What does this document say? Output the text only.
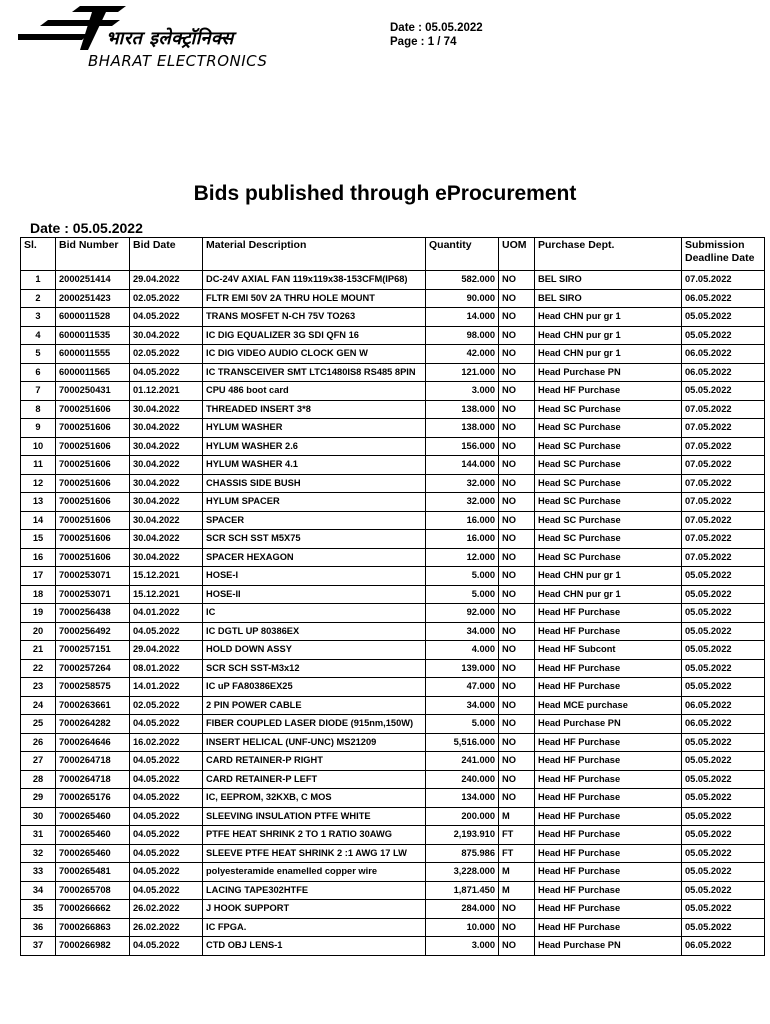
भारत इलेक्ट्रॉनिक्स
BHARAT ELECTRONICS
Date : 05.05.2022
Page : 1 / 74
Bids published through eProcurement
Date : 05.05.2022
Sl.	Bid Number	Bid Date	Material Description	Quantity	UOM	Purchase Dept.	Submission Deadline Date
1	2000251414	29.04.2022	DC-24V AXIAL FAN 119x119x38-153CFM(IP68)	582.000	NO	BEL SIRO	07.05.2022
2	2000251423	02.05.2022	FLTR EMI 50V 2A THRU HOLE MOUNT	90.000	NO	BEL SIRO	06.05.2022
3	6000011528	04.05.2022	TRANS MOSFET N-CH 75V TO263	14.000	NO	Head CHN pur gr 1	05.05.2022
4	6000011535	30.04.2022	IC DIG EQUALIZER 3G SDI QFN 16	98.000	NO	Head CHN pur gr 1	05.05.2022
5	6000011555	02.05.2022	IC DIG VIDEO AUDIO CLOCK GEN W	42.000	NO	Head CHN pur gr 1	06.05.2022
6	6000011565	04.05.2022	IC TRANSCEIVER SMT LTC1480IS8 RS485 8PIN	121.000	NO	Head Purchase PN	06.05.2022
7	7000250431	01.12.2021	CPU 486 boot card	3.000	NO	Head HF Purchase	05.05.2022
8	7000251606	30.04.2022	THREADED INSERT 3*8	138.000	NO	Head SC Purchase	07.05.2022
9	7000251606	30.04.2022	HYLUM WASHER	138.000	NO	Head SC Purchase	07.05.2022
10	7000251606	30.04.2022	HYLUM WASHER 2.6	156.000	NO	Head SC Purchase	07.05.2022
11	7000251606	30.04.2022	HYLUM WASHER 4.1	144.000	NO	Head SC Purchase	07.05.2022
12	7000251606	30.04.2022	CHASSIS SIDE BUSH	32.000	NO	Head SC Purchase	07.05.2022
13	7000251606	30.04.2022	HYLUM SPACER	32.000	NO	Head SC Purchase	07.05.2022
14	7000251606	30.04.2022	SPACER	16.000	NO	Head SC Purchase	07.05.2022
15	7000251606	30.04.2022	SCR SCH SST M5X75	16.000	NO	Head SC Purchase	07.05.2022
16	7000251606	30.04.2022	SPACER HEXAGON	12.000	NO	Head SC Purchase	07.05.2022
17	7000253071	15.12.2021	HOSE-I	5.000	NO	Head CHN pur gr 1	05.05.2022
18	7000253071	15.12.2021	HOSE-II	5.000	NO	Head CHN pur gr 1	05.05.2022
19	7000256438	04.01.2022	IC	92.000	NO	Head HF Purchase	05.05.2022
20	7000256492	04.05.2022	IC DGTL UP 80386EX	34.000	NO	Head HF Purchase	05.05.2022
21	7000257151	29.04.2022	HOLD DOWN ASSY	4.000	NO	Head HF Subcont	05.05.2022
22	7000257264	08.01.2022	SCR SCH SST-M3x12	139.000	NO	Head HF Purchase	05.05.2022
23	7000258575	14.01.2022	IC uP FA80386EX25	47.000	NO	Head HF Purchase	05.05.2022
24	7000263661	02.05.2022	2 PIN POWER CABLE	34.000	NO	Head MCE purchase	06.05.2022
25	7000264282	04.05.2022	FIBER COUPLED LASER DIODE (915nm,150W)	5.000	NO	Head Purchase PN	06.05.2022
26	7000264646	16.02.2022	INSERT HELICAL (UNF-UNC) MS21209	5,516.000	NO	Head HF Purchase	05.05.2022
27	7000264718	04.05.2022	CARD RETAINER-P RIGHT	241.000	NO	Head HF Purchase	05.05.2022
28	7000264718	04.05.2022	CARD RETAINER-P LEFT	240.000	NO	Head HF Purchase	05.05.2022
29	7000265176	04.05.2022	IC, EEPROM, 32KXB, C MOS	134.000	NO	Head HF Purchase	05.05.2022
30	7000265460	04.05.2022	SLEEVING INSULATION PTFE WHITE	200.000	M	Head HF Purchase	05.05.2022
31	7000265460	04.05.2022	PTFE HEAT SHRINK 2 TO 1 RATIO 30AWG	2,193.910	FT	Head HF Purchase	05.05.2022
32	7000265460	04.05.2022	SLEEVE PTFE HEAT SHRINK 2 :1 AWG 17 LW	875.986	FT	Head HF Purchase	05.05.2022
33	7000265481	04.05.2022	polyesteramide enamelled copper wire	3,228.000	M	Head HF Purchase	05.05.2022
34	7000265708	04.05.2022	LACING TAPE302HTFE	1,871.450	M	Head HF Purchase	05.05.2022
35	7000266662	26.02.2022	J HOOK SUPPORT	284.000	NO	Head HF Purchase	05.05.2022
36	7000266863	26.02.2022	IC FPGA.	10.000	NO	Head HF Purchase	05.05.2022
37	7000266982	04.05.2022	CTD OBJ LENS-1	3.000	NO	Head Purchase PN	06.05.2022
